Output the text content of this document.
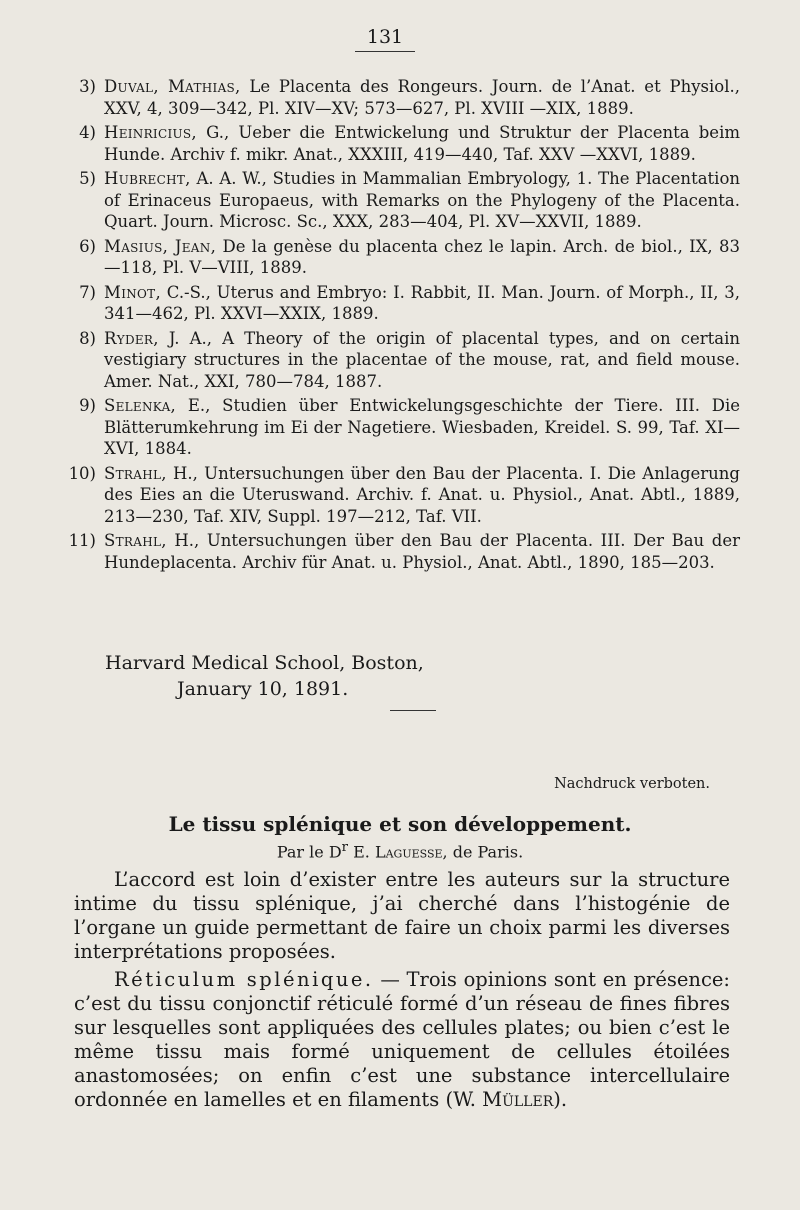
131
3) Duval, Mathias, Le Placenta des Rongeurs. Journ. de l’Anat. et Physiol., XXV, 4, 309—342, Pl. XIV—XV; 573—627, Pl. XVIII —XIX, 1889.
4) Heinricius, G., Ueber die Entwickelung und Struktur der Placenta beim Hunde. Archiv f. mikr. Anat., XXXIII, 419—440, Taf. XXV —XXVI, 1889.
5) Hubrecht, A. A. W., Studies in Mammalian Embryology, 1. The Placentation of Erinaceus Europaeus, with Remarks on the Phylogeny of the Placenta. Quart. Journ. Microsc. Sc., XXX, 283—404, Pl. XV—XXVII, 1889.
6) Masius, Jean, De la genèse du placenta chez le lapin. Arch. de biol., IX, 83—118, Pl. V—VIII, 1889.
7) Minot, C.-S., Uterus and Embryo: I. Rabbit, II. Man. Journ. of Morph., II, 3, 341—462, Pl. XXVI—XXIX, 1889.
8) Ryder, J. A., A Theory of the origin of placental types, and on certain vestigiary structures in the placentae of the mouse, rat, and field mouse. Amer. Nat., XXI, 780—784, 1887.
9) Selenka, E., Studien über Entwickelungsgeschichte der Tiere. III. Die Blätterumkehrung im Ei der Nagetiere. Wiesbaden, Kreidel. S. 99, Taf. XI—XVI, 1884.
10) Strahl, H., Untersuchungen über den Bau der Placenta. I. Die Anlagerung des Eies an die Uteruswand. Archiv. f. Anat. u. Physiol., Anat. Abtl., 1889, 213—230, Taf. XIV, Suppl. 197—212, Taf. VII.
11) Strahl, H., Untersuchungen über den Bau der Placenta. III. Der Bau der Hundeplacenta. Archiv für Anat. u. Physiol., Anat. Abtl., 1890, 185—203.
Harvard Medical School, Boston,
January 10, 1891.
Nachdruck verboten.
Le tissu splénique et son développement.
Par le $D^r$ E. Laguesse, de Paris.

L’accord est loin d’exister entre les auteurs sur la structure intime du tissu splénique, j’ai cherché dans l’histogénie de l’organe un guide permettant de faire un choix parmi les diverses interprétations proposées.

Réticulum splénique. — Trois opinions sont en présence: c’est du tissu conjonctif réticulé formé d’un réseau de fines fibres sur lesquelles sont appliquées des cellules plates; ou bien c’est le même tissu mais formé uniquement de cellules étoilées anastomosées; on enfin c’est une substance intercellulaire ordonnée en lamelles et en filaments (W. Müller).
